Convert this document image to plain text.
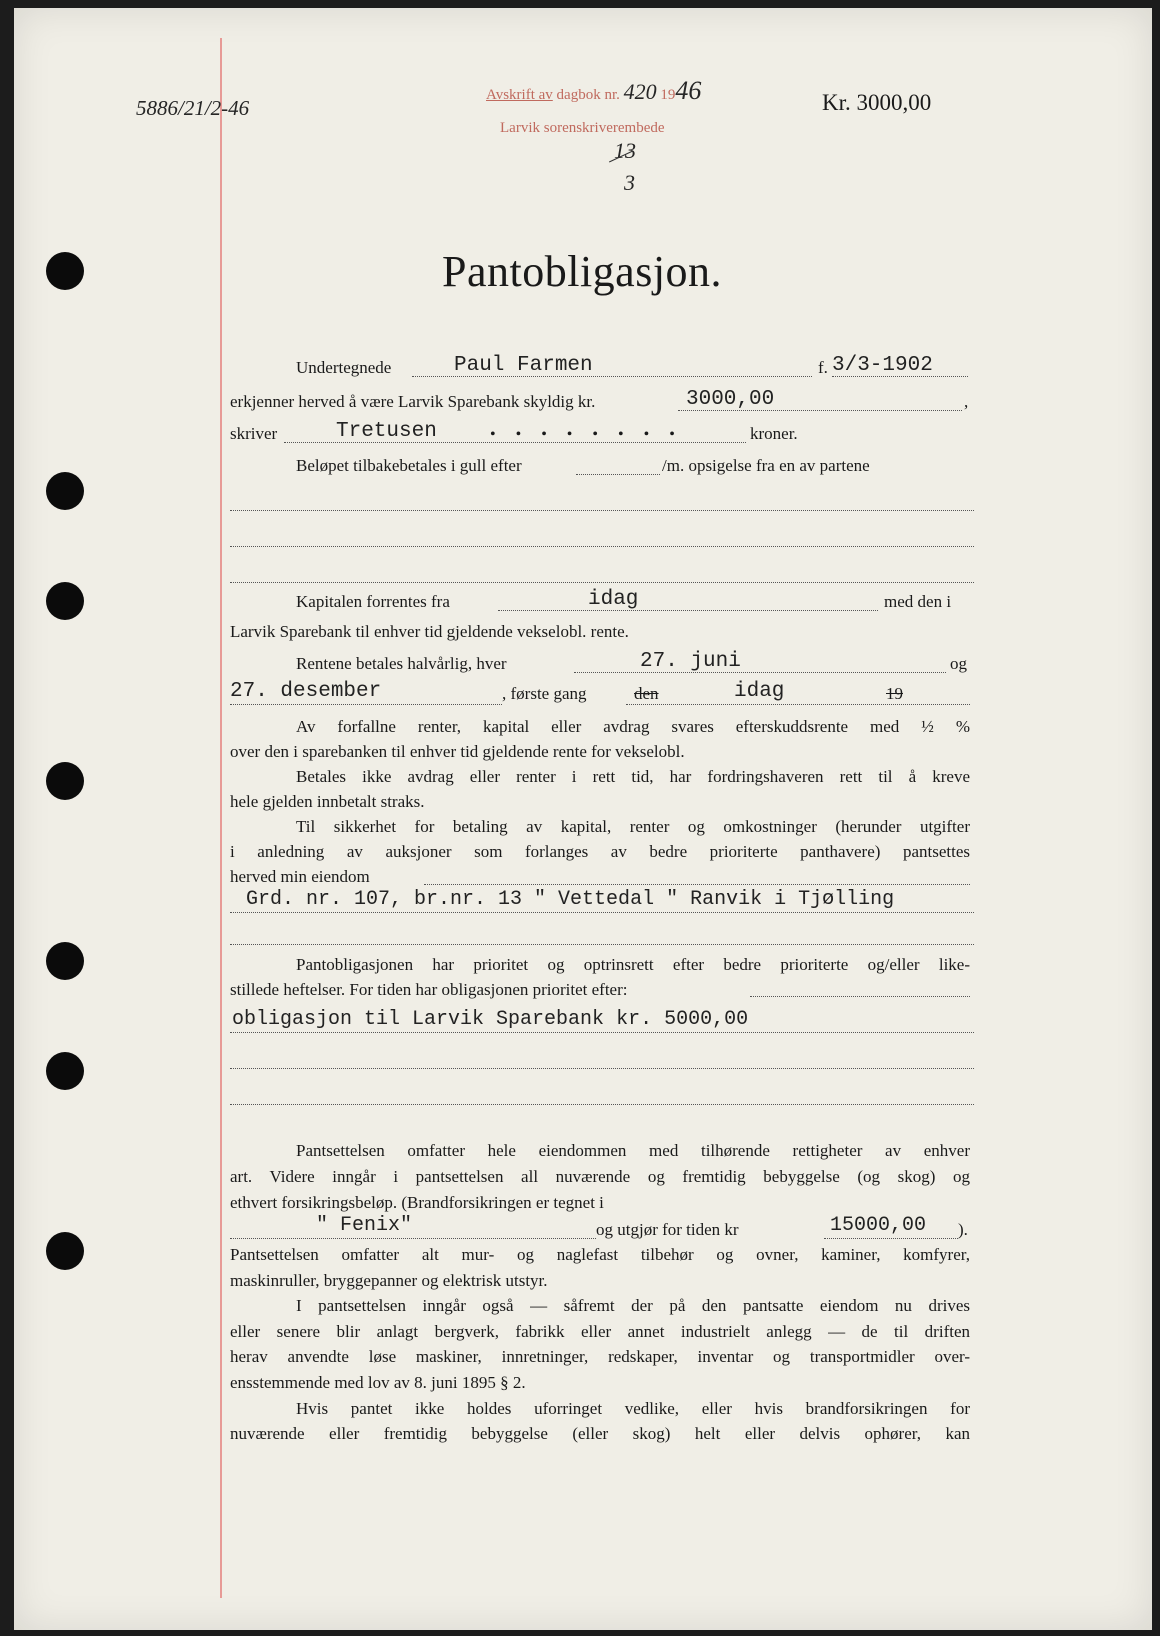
5886/21/2-46
Avskrift av dagbok nr. 420 1946
Larvik sorenskriverembede
Kr. 3000,00
13
3
Pantobligasjon.
Undertegnede	Paul Farmen	f. 3/3-1902
erkjenner herved å være Larvik Sparebank skyldig kr.	3000,00	,
skriver	Tretusen	• • • • • • • •	kroner.
Beløpet tilbakebetales i gull efter	/m. opsigelse fra en av partene
Kapitalen forrentes fra	idag	med den i
Larvik Sparebank til enhver tid gjeldende vekselobl. rente.
Rentene betales halvårlig, hver	27. juni	og
27. desember	, første gang	den	idag	19
Av forfallne renter, kapital eller avdrag svares efterskuddsrente med ½ %
over den i sparebanken til enhver tid gjeldende rente for vekselobl.
Betales ikke avdrag eller renter i rett tid, har fordringshaveren rett til å kreve
hele gjelden innbetalt straks.
Til sikkerhet for betaling av kapital, renter og omkostninger (herunder utgifter
i anledning av auksjoner som forlanges av bedre prioriterte panthavere) pantsettes
herved min eiendom
Grd. nr. 107, br.nr. 13 " Vettedal " Ranvik i Tjølling
Pantobligasjonen har prioritet og optrinsrett efter bedre prioriterte og/eller like-
stillede heftelser. For tiden har obligasjonen prioritet efter:
obligasjon til Larvik Sparebank kr. 5000,00
Pantsettelsen omfatter hele eiendommen med tilhørende rettigheter av enhver
art. Videre inngår i pantsettelsen all nuværende og fremtidig bebyggelse (og skog) og
ethvert forsikringsbeløp. (Brandforsikringen er tegnet i
" Fenix"	og utgjør for tiden kr	15000,00 ).
Pantsettelsen omfatter alt mur- og naglefast tilbehør og ovner, kaminer, komfyrer,
maskinruller, bryggepanner og elektrisk utstyr.
I pantsettelsen inngår også — såfremt der på den pantsatte eiendom nu drives
eller senere blir anlagt bergverk, fabrikk eller annet industrielt anlegg — de til driften
herav anvendte løse maskiner, innretninger, redskaper, inventar og transportmidler over-
ensstemmende med lov av 8. juni 1895 § 2.
Hvis pantet ikke holdes uforringet vedlike, eller hvis brandforsikringen for
nuværende eller fremtidig bebyggelse (eller skog) helt eller delvis ophører, kan
